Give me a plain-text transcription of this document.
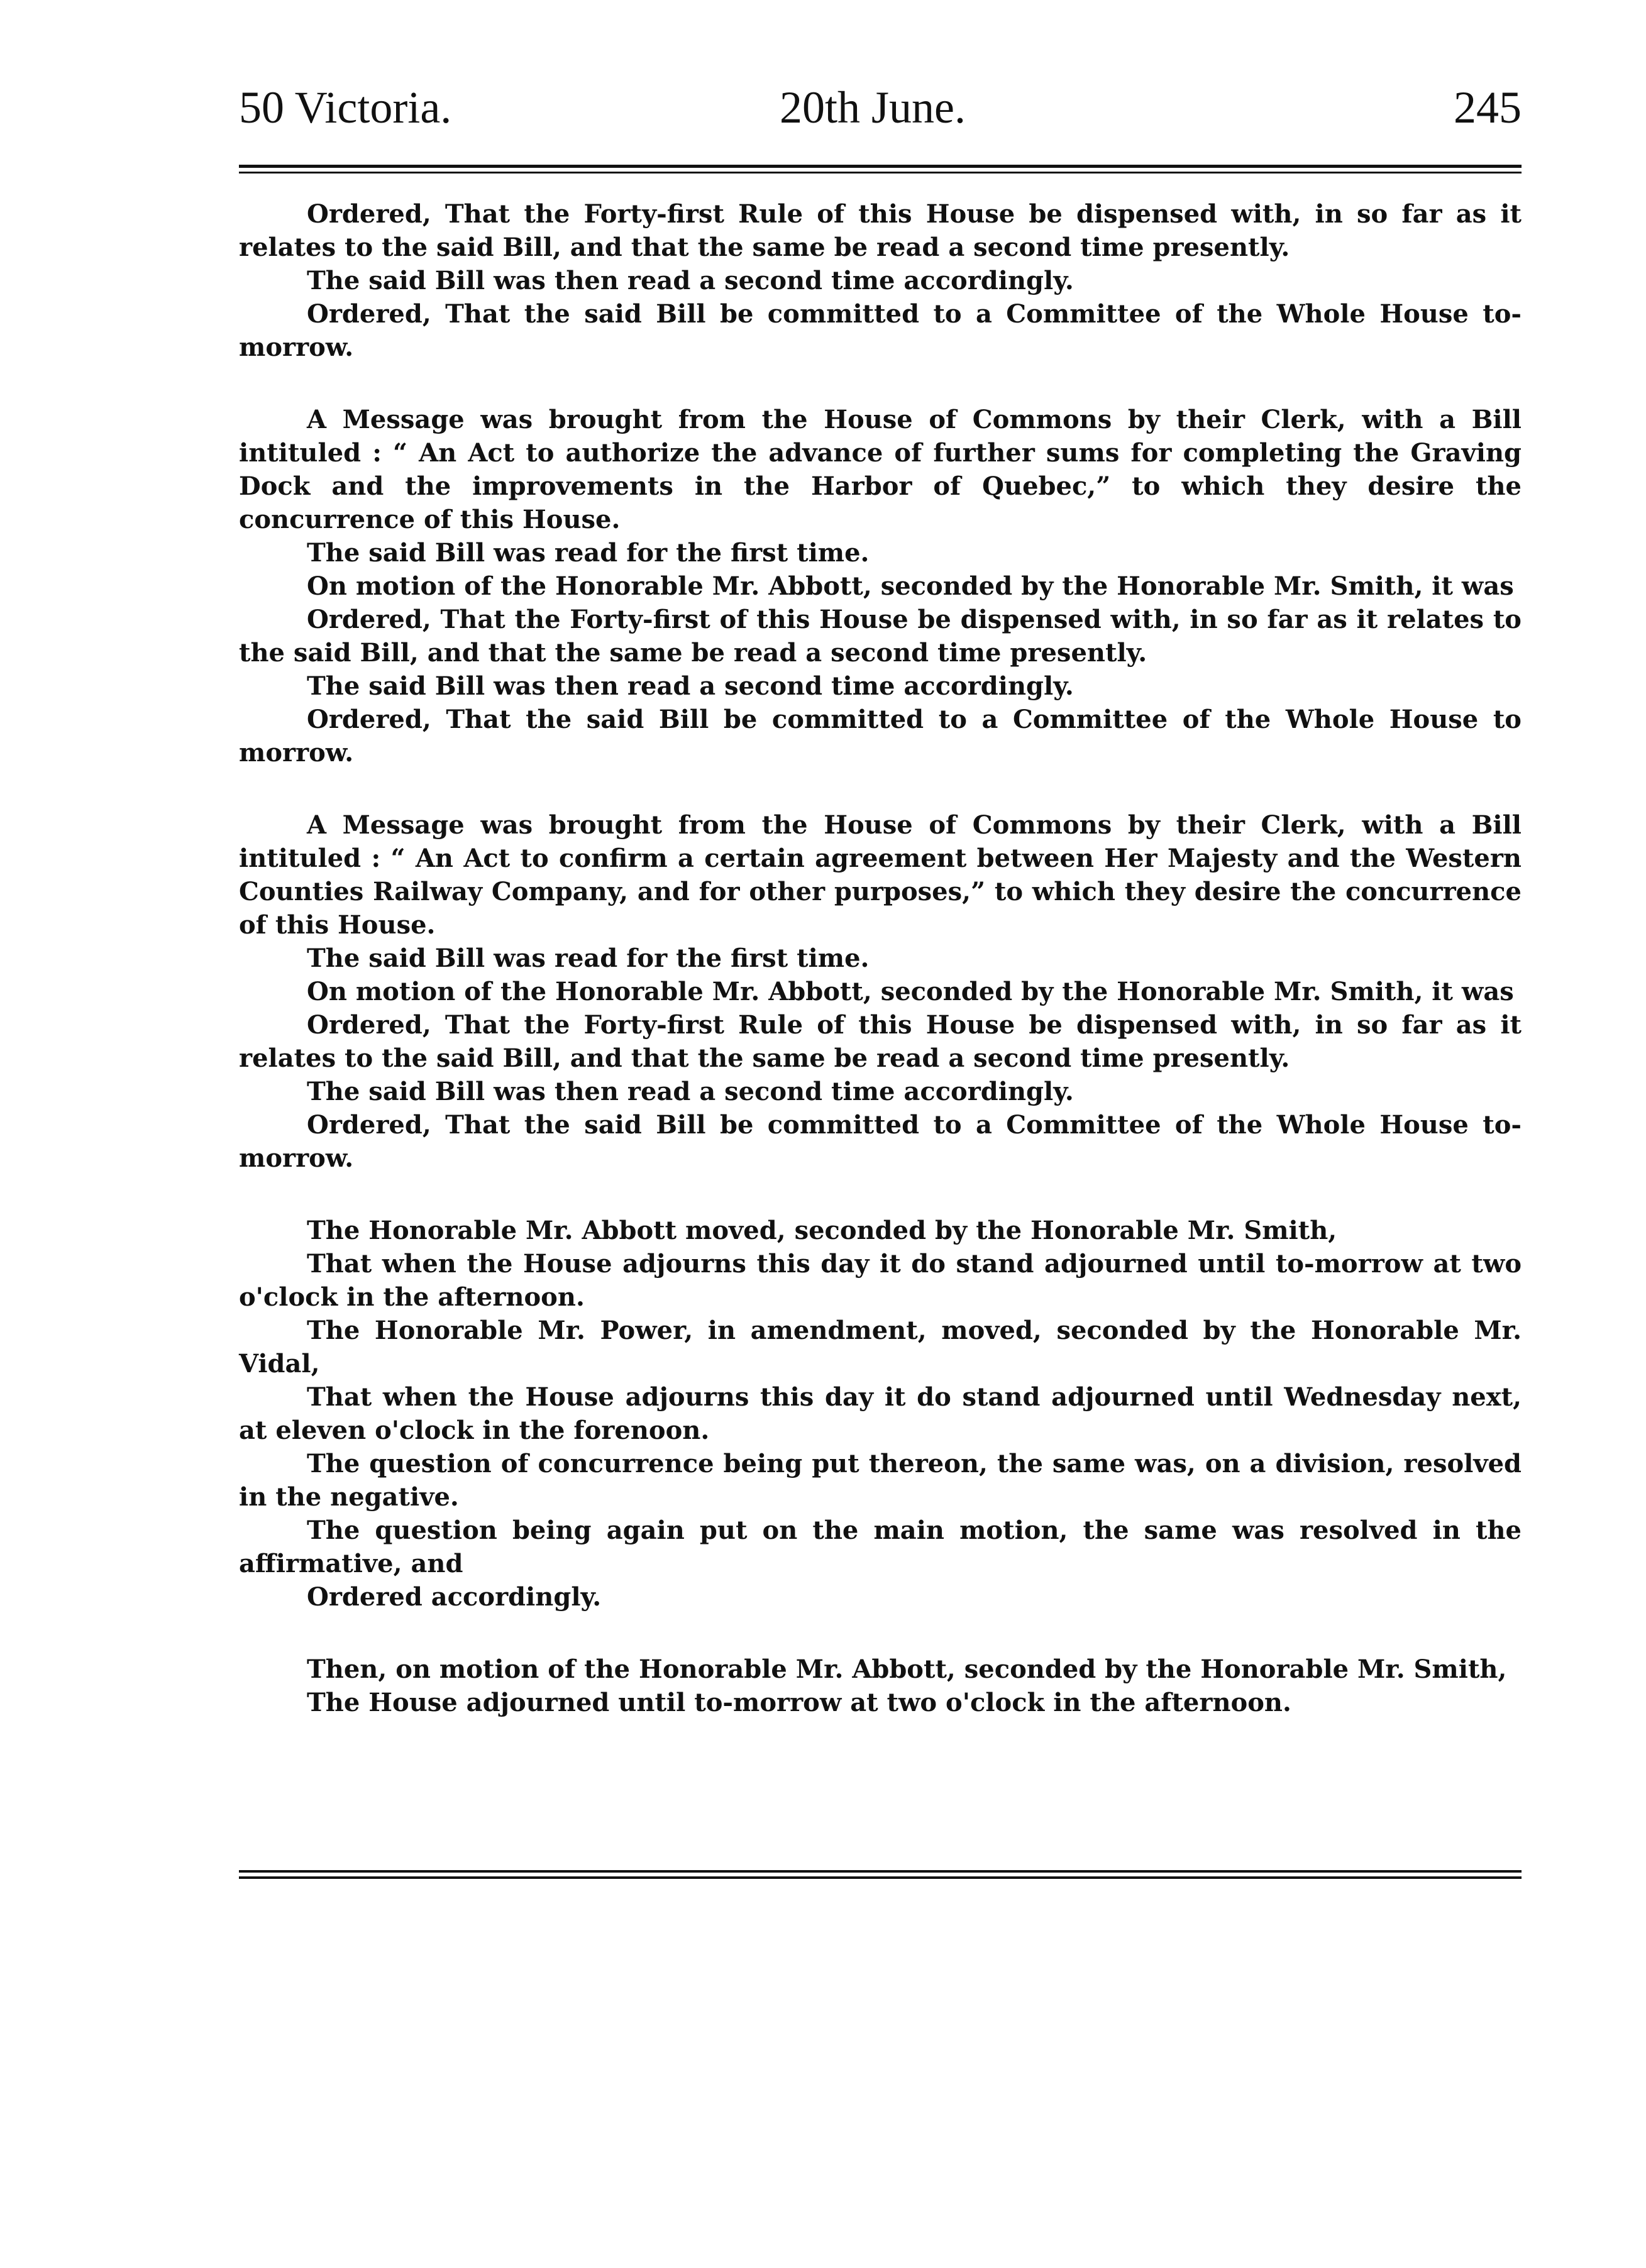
50 Victoria.	20th June.	245

Ordered, That the Forty-first Rule of this House be dispensed with, in so far as it relates to the said Bill, and that the same be read a second time presently.

The said Bill was then read a second time accordingly.

Ordered, That the said Bill be committed to a Committee of the Whole House to-morrow.

A Message was brought from the House of Commons by their Clerk, with a Bill intituled : “ An Act to authorize the advance of further sums for completing the Graving Dock and the improvements in the Harbor of Quebec,” to which they desire the concurrence of this House.

The said Bill was read for the first time.

On motion of the Honorable Mr. Abbott, seconded by the Honorable Mr. Smith, it was

Ordered, That the Forty-first of this House be dispensed with, in so far as it relates to the said Bill, and that the same be read a second time presently.

The said Bill was then read a second time accordingly.

Ordered, That the said Bill be committed to a Committee of the Whole House to morrow.

A Message was brought from the House of Commons by their Clerk, with a Bill intituled : “ An Act to confirm a certain agreement between Her Majesty and the Western Counties Railway Company, and for other purposes,” to which they desire the concurrence of this House.

The said Bill was read for the first time.

On motion of the Honorable Mr. Abbott, seconded by the Honorable Mr. Smith, it was

Ordered, That the Forty-first Rule of this House be dispensed with, in so far as it relates to the said Bill, and that the same be read a second time presently.

The said Bill was then read a second time accordingly.

Ordered, That the said Bill be committed to a Committee of the Whole House to-morrow.

The Honorable Mr. Abbott moved, seconded by the Honorable Mr. Smith,

That when the House adjourns this day it do stand adjourned until to-morrow at two o'clock in the afternoon.

The Honorable Mr. Power, in amendment, moved, seconded by the Honorable Mr. Vidal,

That when the House adjourns this day it do stand adjourned until Wednesday next, at eleven o'clock in the forenoon.

The question of concurrence being put thereon, the same was, on a division, resolved in the negative.

The question being again put on the main motion, the same was resolved in the affirmative, and

Ordered accordingly.

Then, on motion of the Honorable Mr. Abbott, seconded by the Honorable Mr. Smith,

The House adjourned until to-morrow at two o'clock in the afternoon.
